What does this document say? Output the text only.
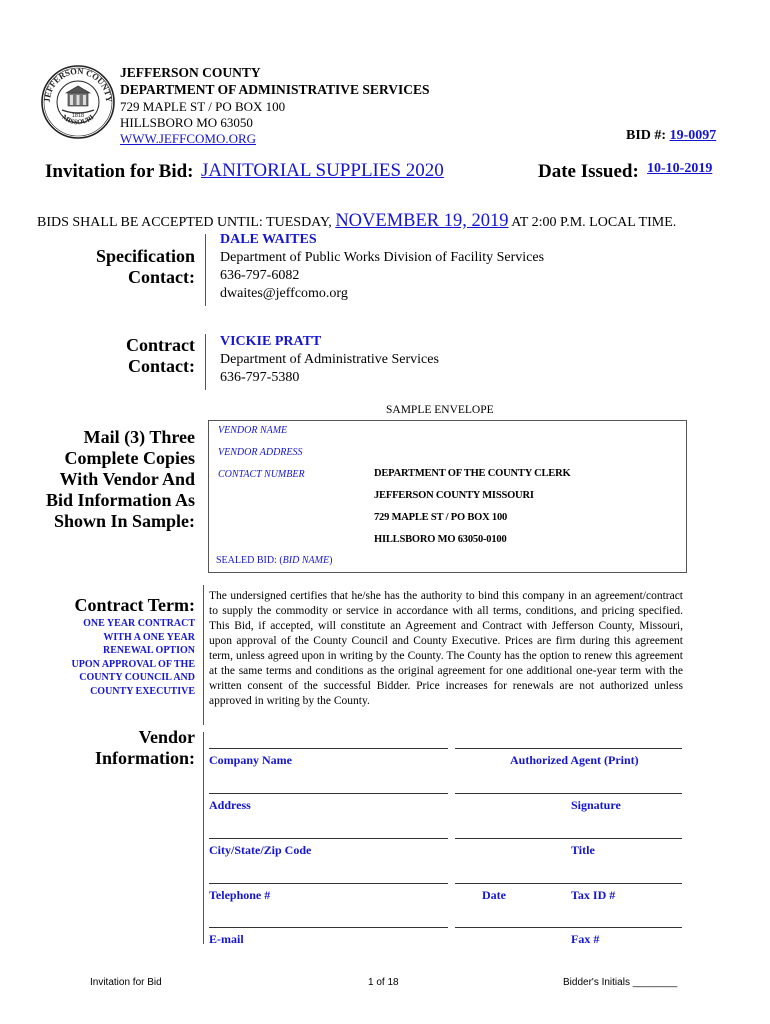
JEFFERSON COUNTY
MISSOURI
1818
JEFFERSON COUNTY
DEPARTMENT OF ADMINISTRATIVE SERVICES
729 MAPLE ST / PO BOX 100
HILLSBORO MO 63050
WWW.JEFFCOMO.ORG	BID #: 19-0097
Invitation for Bid: JANITORIAL SUPPLIES 2020	Date Issued: 10-10-2019
BIDS SHALL BE ACCEPTED UNTIL: TUESDAY, NOVEMBER 19, 2019 AT 2:00 P.M. LOCAL TIME.
Specification
Contact:
DALE WAITES
Department of Public Works Division of Facility Services
636-797-6082
dwaites@jeffcomo.org
Contract
Contact:
VICKIE PRATT
Department of Administrative Services
636-797-5380
Mail (3) Three
Complete Copies
With Vendor And
Bid Information As
Shown In Sample:
SAMPLE ENVELOPE
VENDOR NAME
VENDOR ADDRESS
CONTACT NUMBER	DEPARTMENT OF THE COUNTY CLERK
JEFFERSON COUNTY MISSOURI
729 MAPLE ST / PO BOX 100
HILLSBORO MO 63050-0100
SEALED BID: (BID NAME)
Contract Term:
ONE YEAR CONTRACT
WITH A ONE YEAR
RENEWAL OPTION
UPON APPROVAL OF THE
COUNTY COUNCIL AND
COUNTY EXECUTIVE
The undersigned certifies that he/she has the authority to bind this company in an agreement/contract to supply the commodity or service in accordance with all terms, conditions, and pricing specified. This Bid, if accepted, will constitute an Agreement and Contract with Jefferson County, Missouri, upon approval of the County Council and County Executive. Prices are firm during this agreement term, unless agreed upon in writing by the County. The County has the option to renew this agreement at the same terms and conditions as the original agreement for one additional one-year term with the written consent of the successful Bidder. Price increases for renewals are not authorized unless approved in writing by the County.
Vendor
Information: Company Name	Authorized Agent (Print)
Address	Signature
City/State/Zip Code	Title
Telephone #	Date	Tax ID #
E-mail	Fax #
Invitation for Bid	1 of 18	Bidder's Initials ________
